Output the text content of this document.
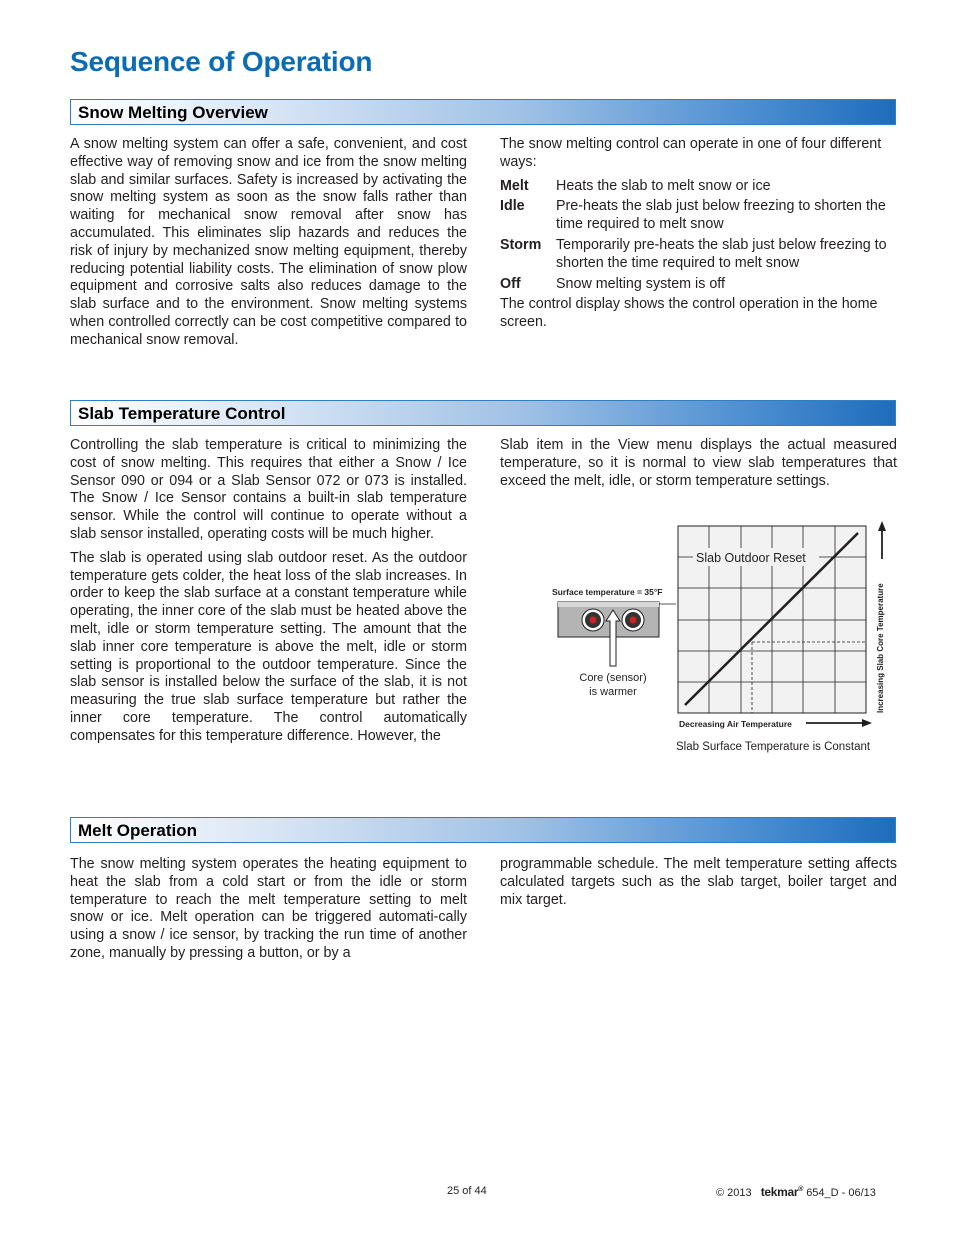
Sequence of Operation
Snow Melting Overview

A snow melting system can offer a safe, convenient, and cost effective way of removing snow and ice from the snow melting slab and similar surfaces. Safety is increased by activating the snow melting system as soon as the snow falls rather than waiting for mechanical snow removal after snow has accumulated. This eliminates slip hazards and reduces the risk of injury by mechanized snow melting equipment, thereby reducing potential liability costs. The elimination of snow plow equipment and corrosive salts also reduces damage to the slab surface and to the environment. Snow melting systems when controlled correctly can be cost competitive compared to mechanical snow removal.

The snow melting control can operate in one of four different ways:

Melt	Heats the slab to melt snow or ice
Idle	Pre-heats the slab just below freezing to shorten the time required to melt snow
Storm	Temporarily pre-heats the slab just below freezing to shorten the time required to melt snow
Off	Snow melting system is off

The control display shows the control operation in the home screen.

Slab Temperature Control

Controlling the slab temperature is critical to minimizing the cost of snow melting. This requires that either a Snow / Ice Sensor 090 or 094 or a Slab Sensor 072 or 073 is installed. The Snow / Ice Sensor contains a built-in slab temperature sensor. While the control will continue to operate without a slab sensor installed, operating costs will be much higher.

The slab is operated using slab outdoor reset. As the outdoor temperature gets colder, the heat loss of the slab increases. In order to keep the slab surface at a constant temperature while operating, the inner core of the slab must be heated above the melt, idle or storm temperature setting. The amount that the slab inner core temperature is above the melt, idle or storm setting is proportional to the outdoor temperature. Since the slab sensor is installed below the surface of the slab, it is not measuring the true slab surface temperature but rather the inner core temperature. The control automatically compensates for this temperature difference. However, the

Slab item in the View menu displays the actual measured temperature, so it is normal to view slab temperatures that exceed the melt, idle, or storm temperature settings.

Slab Outdoor Reset
Decreasing Air Temperature
Increasing Slab Core Temperature
Surface temperature = 35°F
Core (sensor)
is warmer
Slab Surface Temperature is Constant
Melt Operation

The snow melting system operates the heating equipment to heat the slab from a cold start or from the idle or storm temperature to reach the melt temperature setting to melt snow or ice. Melt operation can be triggered automati-cally using a snow / ice sensor, by tracking the run time of another zone, manually by pressing a button, or by a

programmable schedule. The melt temperature setting affects calculated targets such as the slab target, boiler target and mix target.

25 of 44	© 2013 tekmar® 654_D - 06/13
